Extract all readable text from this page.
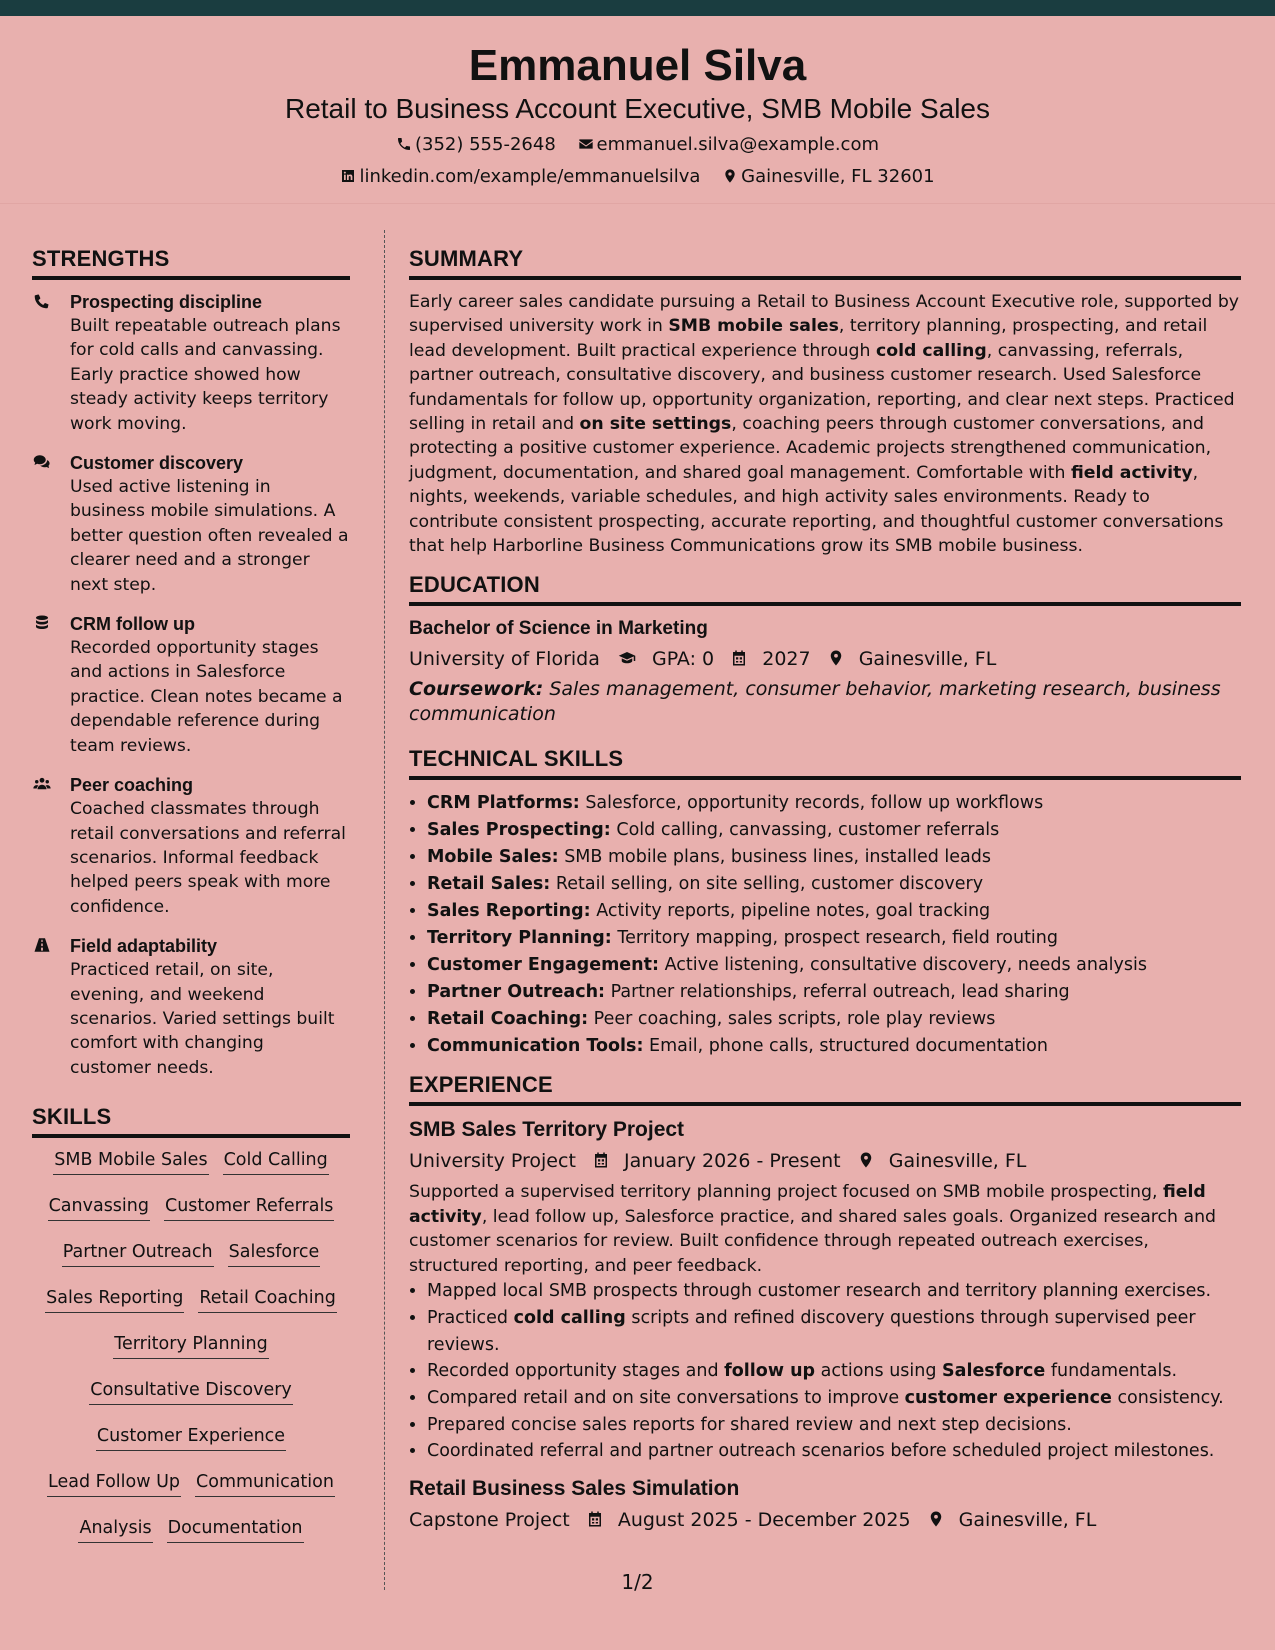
Emmanuel Silva
Retail to Business Account Executive, SMB Mobile Sales
(352) 555-2648 emmanuel.silva@example.com
linkedin.com/example/emmanuelsilva Gainesville, FL 32601
STRENGTHS
Prospecting discipline
Built repeatable outreach plans for cold calls and canvassing. Early practice showed how steady activity keeps territory work moving.
Customer discovery
Used active listening in business mobile simulations. A better question often revealed a clearer need and a stronger next step.
CRM follow up
Recorded opportunity stages and actions in Salesforce practice. Clean notes became a dependable reference during team reviews.
Peer coaching
Coached classmates through retail conversations and referral scenarios. Informal feedback helped peers speak with more confidence.
Field adaptability
Practiced retail, on site, evening, and weekend scenarios. Varied settings built comfort with changing customer needs.
SKILLS
SMB Mobile Sales Cold Calling
Canvassing Customer Referrals
Partner Outreach Salesforce
Sales Reporting Retail Coaching
Territory Planning
Consultative Discovery
Customer Experience
Lead Follow Up Communication
Analysis Documentation
SUMMARY
Early career sales candidate pursuing a Retail to Business Account Executive role, supported by supervised university work in SMB mobile sales, territory planning, prospecting, and retail lead development. Built practical experience through cold calling, canvassing, referrals, partner outreach, consultative discovery, and business customer research. Used Salesforce fundamentals for follow up, opportunity organization, reporting, and clear next steps. Practiced selling in retail and on site settings, coaching peers through customer conversations, and protecting a positive customer experience. Academic projects strengthened communication, judgment, documentation, and shared goal management. Comfortable with field activity, nights, weekends, variable schedules, and high activity sales environments. Ready to contribute consistent prospecting, accurate reporting, and thoughtful customer conversations that help Harborline Business Communications grow its SMB mobile business.
EDUCATION
Bachelor of Science in Marketing
University of Florida	GPA: 0	2027	Gainesville, FL
Coursework: Sales management, consumer behavior, marketing research, business communication
TECHNICAL SKILLS
• CRM Platforms: Salesforce, opportunity records, follow up workflows
• Sales Prospecting: Cold calling, canvassing, customer referrals
• Mobile Sales: SMB mobile plans, business lines, installed leads
• Retail Sales: Retail selling, on site selling, customer discovery
• Sales Reporting: Activity reports, pipeline notes, goal tracking
• Territory Planning: Territory mapping, prospect research, field routing
• Customer Engagement: Active listening, consultative discovery, needs analysis
• Partner Outreach: Partner relationships, referral outreach, lead sharing
• Retail Coaching: Peer coaching, sales scripts, role play reviews
• Communication Tools: Email, phone calls, structured documentation
EXPERIENCE
SMB Sales Territory Project
University Project	January 2026 - Present	Gainesville, FL
Supported a supervised territory planning project focused on SMB mobile prospecting, field activity, lead follow up, Salesforce practice, and shared sales goals. Organized research and customer scenarios for review. Built confidence through repeated outreach exercises, structured reporting, and peer feedback.
• Mapped local SMB prospects through customer research and territory planning exercises.
• Practiced cold calling scripts and refined discovery questions through supervised peer reviews.
• Recorded opportunity stages and follow up actions using Salesforce fundamentals.
• Compared retail and on site conversations to improve customer experience consistency.
• Prepared concise sales reports for shared review and next step decisions.
• Coordinated referral and partner outreach scenarios before scheduled project milestones.
Retail Business Sales Simulation
Capstone Project	August 2025 - December 2025	Gainesville, FL
1/2
